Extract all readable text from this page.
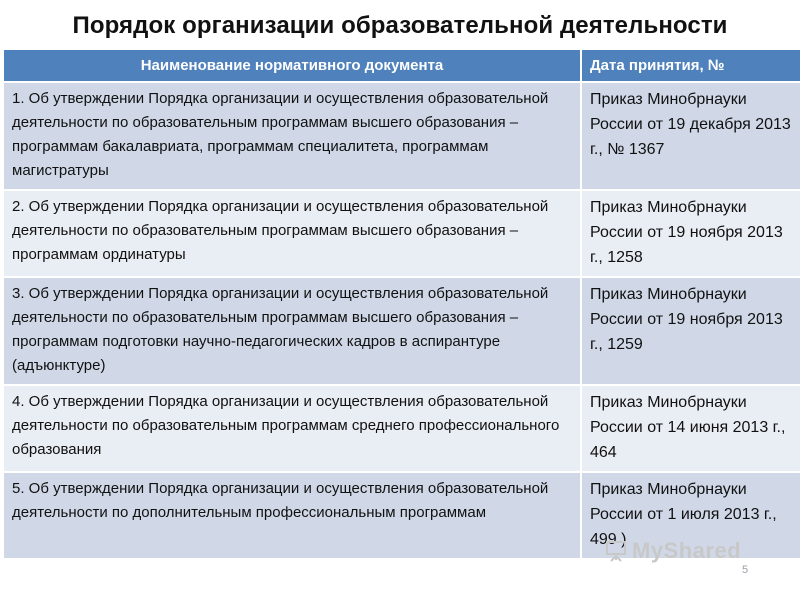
Порядок организации образовательной деятельности
Наименование нормативного документа	Дата принятия, №
1. Об утверждении Порядка организации и осуществления образовательной деятельности по образовательным программам высшего образования – программам бакалавриата, программам специалитета, программам магистратуры	Приказ Минобрнауки России от 19 декабря 2013 г., № 1367
2. Об утверждении Порядка организации и осуществления образовательной деятельности по образовательным программам высшего образования – программам ординатуры	Приказ Минобрнауки России от 19 ноября 2013 г., 1258
3. Об утверждении Порядка организации и осуществления образовательной деятельности по образовательным программам высшего образования – программам подготовки научно-педагогических кадров в аспирантуре (адъюнктуре)	Приказ Минобрнауки России от 19 ноября 2013 г., 1259
4. Об утверждении Порядка организации и осуществления образовательной деятельности по образовательным программам среднего профессионального образования	Приказ Минобрнауки России от 14 июня 2013 г., 464
5. Об утверждении Порядка организации и осуществления образовательной деятельности по дополнительным профессиональным программам	Приказ Минобрнауки России от 1 июля 2013 г., 499 ) MyShared
5
